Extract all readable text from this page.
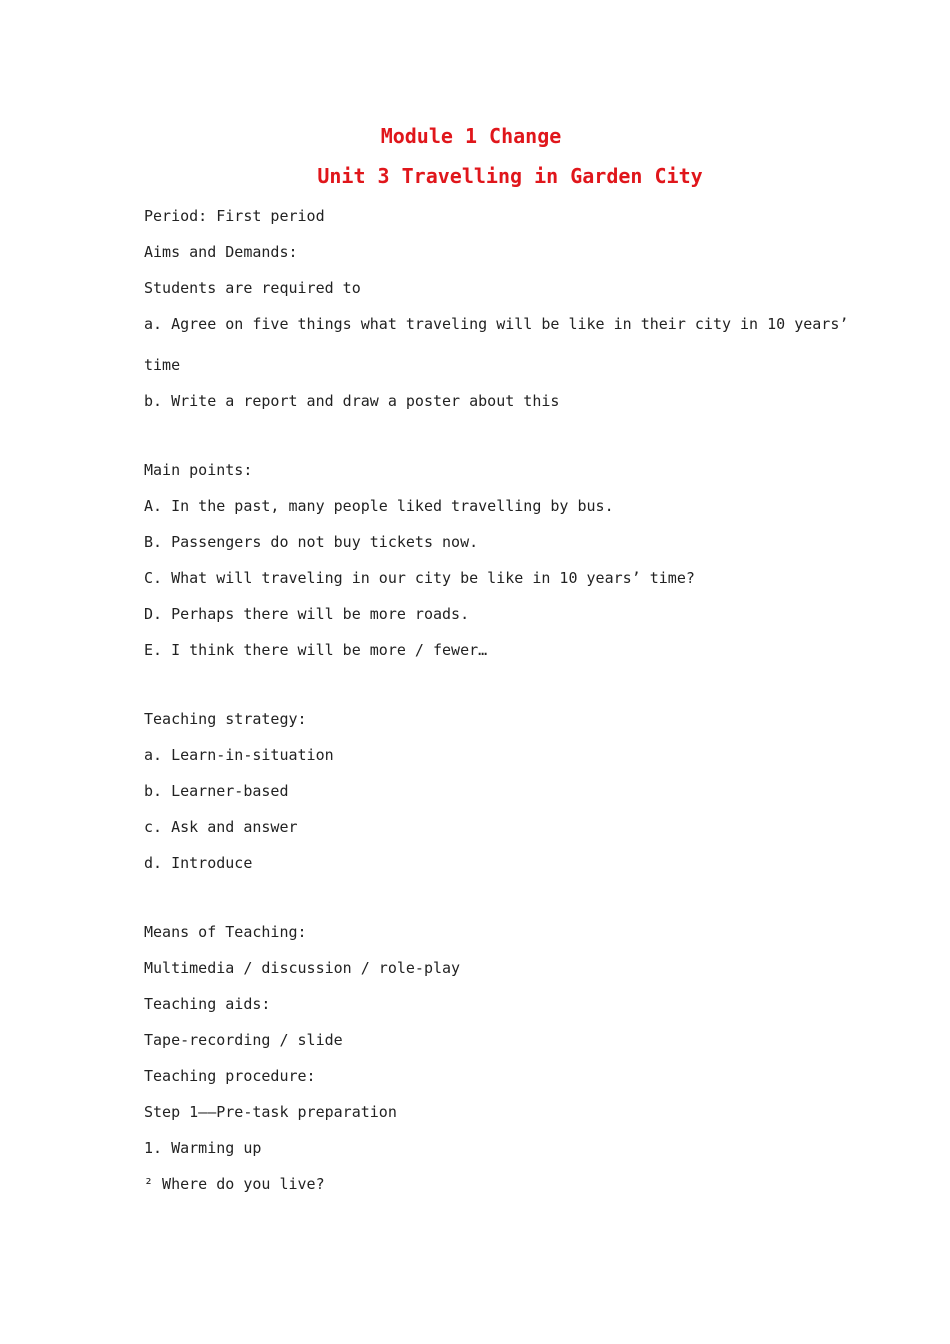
Module 1 Change
Unit 3 Travelling in Garden City

Period: First period

Aims and Demands:

Students are required to

a. Agree on five things what traveling will be like in their city in 10 years’

time

b. Write a report and draw a poster about this

Main points:

A. In the past, many people liked travelling by bus.

B. Passengers do not buy tickets now.

C. What will traveling in our city be like in 10 years’ time?

D. Perhaps there will be more roads.

E. I think there will be more / fewer…

Teaching strategy:

a. Learn-in-situation

b. Learner-based

c. Ask and answer

d. Introduce

Means of Teaching:

Multimedia / discussion / role-play

Teaching aids:

Tape-recording / slide

Teaching procedure:

Step 1——Pre-task preparation

1. Warming up

² Where do you live?
